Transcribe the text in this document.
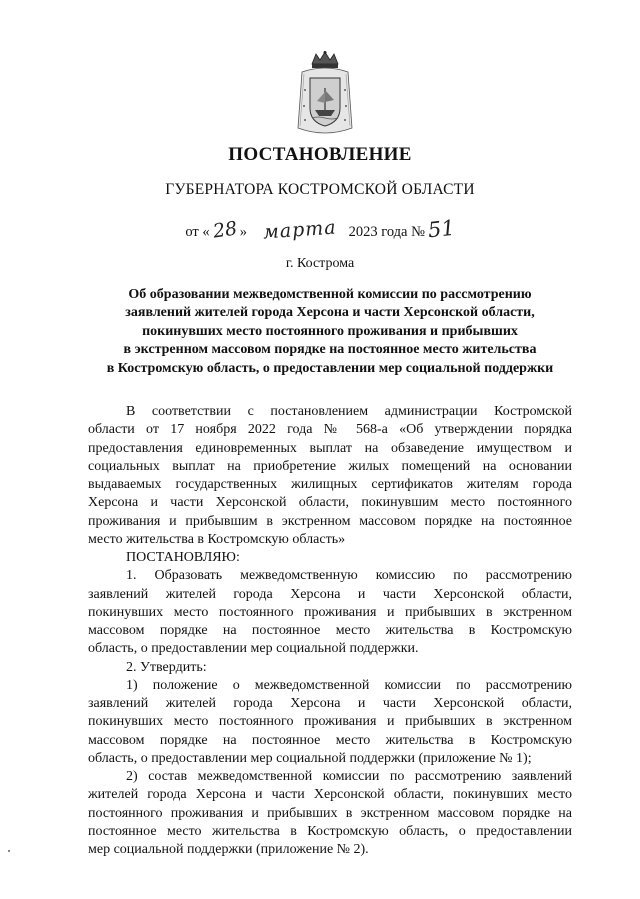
ПОСТАНОВЛЕНИЕ
ГУБЕРНАТОРА КОСТРОМСКОЙ ОБЛАСТИ
от «28 » марта 2023 года №51
г. Кострома
Об образовании межведомственной комиссии по рассмотрению
заявлений жителей города Херсона и части Херсонской области,
покинувших место постоянного проживания и прибывших
в экстренном массовом порядке на постоянное место жительства
в Костромскую область, о предоставлении мер социальной поддержки
В соответствии с постановлением администрации Костромской
области от 17 ноября 2022 года № 568-а «Об утверждении порядка
предоставления единовременных выплат на обзаведение имуществом и
социальных выплат на приобретение жилых помещений на основании
выдаваемых государственных жилищных сертификатов жителям города
Херсона и части Херсонской области, покинувшим место постоянного
проживания и прибывшим в экстренном массовом порядке на постоянное
место жительства в Костромскую область»
ПОСТАНОВЛЯЮ:
1. Образовать межведомственную комиссию по рассмотрению
заявлений жителей города Херсона и части Херсонской области,
покинувших место постоянного проживания и прибывших в экстренном
массовом порядке на постоянное место жительства в Костромскую
область, о предоставлении мер социальной поддержки.
2. Утвердить:
1) положение о межведомственной комиссии по рассмотрению
заявлений жителей города Херсона и части Херсонской области,
покинувших место постоянного проживания и прибывших в экстренном
массовом порядке на постоянное место жительства в Костромскую
область, о предоставлении мер социальной поддержки (приложение № 1);
2) состав межведомственной комиссии по рассмотрению заявлений
жителей города Херсона и части Херсонской области, покинувших место
постоянного проживания и прибывших в экстренном массовом порядке на
постоянное место жительства в Костромскую область, о предоставлении
мер социальной поддержки (приложение № 2).
